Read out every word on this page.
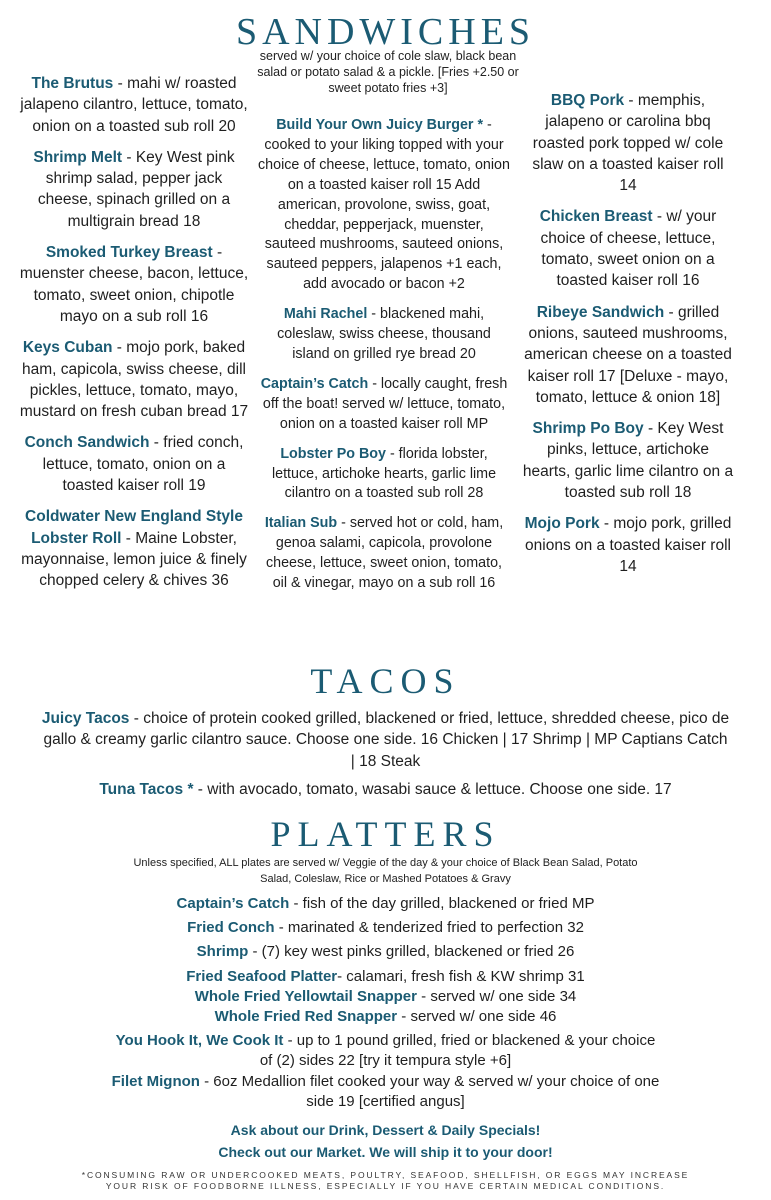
SANDWICHES
served w/ your choice of cole slaw, black bean salad or potato salad & a pickle. [Fries +2.50 or sweet potato fries +3]
The Brutus - mahi w/ roasted jalapeno cilantro, lettuce, tomato, onion on a toasted sub roll 20
Shrimp Melt - Key West pink shrimp salad, pepper jack cheese, spinach grilled on a multigrain bread 18
Smoked Turkey Breast - muenster cheese, bacon, lettuce, tomato, sweet onion, chipotle mayo on a sub roll 16
Keys Cuban - mojo pork, baked ham, capicola, swiss cheese, dill pickles, lettuce, tomato, mayo, mustard on fresh cuban bread 17
Conch Sandwich - fried conch, lettuce, tomato, onion on a toasted kaiser roll 19
Coldwater New England Style Lobster Roll - Maine Lobster, mayonnaise, lemon juice & finely chopped celery & chives 36
Build Your Own Juicy Burger * - cooked to your liking topped with your choice of cheese, lettuce, tomato, onion on a toasted kaiser roll 15 Add american, provolone, swiss, goat, cheddar, pepperjack, muenster, sauteed mushrooms, sauteed onions, sauteed peppers, jalapenos +1 each, add avocado or bacon +2
Mahi Rachel - blackened mahi, coleslaw, swiss cheese, thousand island on grilled rye bread 20
Captain’s Catch - locally caught, fresh off the boat! served w/ lettuce, tomato, onion on a toasted kaiser roll MP
Lobster Po Boy - florida lobster, lettuce, artichoke hearts, garlic lime cilantro on a toasted sub roll 28
Italian Sub - served hot or cold, ham, genoa salami, capicola, provolone cheese, lettuce, sweet onion, tomato, oil & vinegar, mayo on a sub roll 16
BBQ Pork - memphis, jalapeno or carolina bbq roasted pork topped w/ cole slaw on a toasted kaiser roll 14
Chicken Breast - w/ your choice of cheese, lettuce, tomato, sweet onion on a toasted kaiser roll 16
Ribeye Sandwich - grilled onions, sauteed mushrooms, american cheese on a toasted kaiser roll 17 [Deluxe - mayo, tomato, lettuce & onion 18]
Shrimp Po Boy - Key West pinks, lettuce, artichoke hearts, garlic lime cilantro on a toasted sub roll 18
Mojo Pork - mojo pork, grilled onions on a toasted kaiser roll 14
TACOS
Juicy Tacos - choice of protein cooked grilled, blackened or fried, lettuce, shredded cheese, pico de gallo & creamy garlic cilantro sauce. Choose one side. 16 Chicken | 17 Shrimp | MP Captians Catch | 18 Steak
Tuna Tacos * - with avocado, tomato, wasabi sauce & lettuce. Choose one side. 17
PLATTERS
Unless specified, ALL plates are served w/ Veggie of the day & your choice of Black Bean Salad, Potato Salad, Coleslaw, Rice or Mashed Potatoes & Gravy
Captain’s Catch - fish of the day grilled, blackened or fried MP
Fried Conch - marinated & tenderized fried to perfection 32
Shrimp - (7) key west pinks grilled, blackened or fried 26
Fried Seafood Platter- calamari, fresh fish & KW shrimp 31
Whole Fried Yellowtail Snapper - served w/ one side 34
Whole Fried Red Snapper - served w/ one side 46
You Hook It, We Cook It - up to 1 pound grilled, fried or blackened & your choice of (2) sides 22 [try it tempura style +6]
Filet Mignon - 6oz Medallion filet cooked your way & served w/ your choice of one side 19 [certified angus]
Ask about our Drink, Dessert & Daily Specials!
Check out our Market. We will ship it to your door!
*CONSUMING RAW OR UNDERCOOKED MEATS, POULTRY, SEAFOOD, SHELLFISH, OR EGGS MAY INCREASE
YOUR RISK OF FOODBORNE ILLNESS, ESPECIALLY IF YOU HAVE CERTAIN MEDICAL CONDITIONS.
